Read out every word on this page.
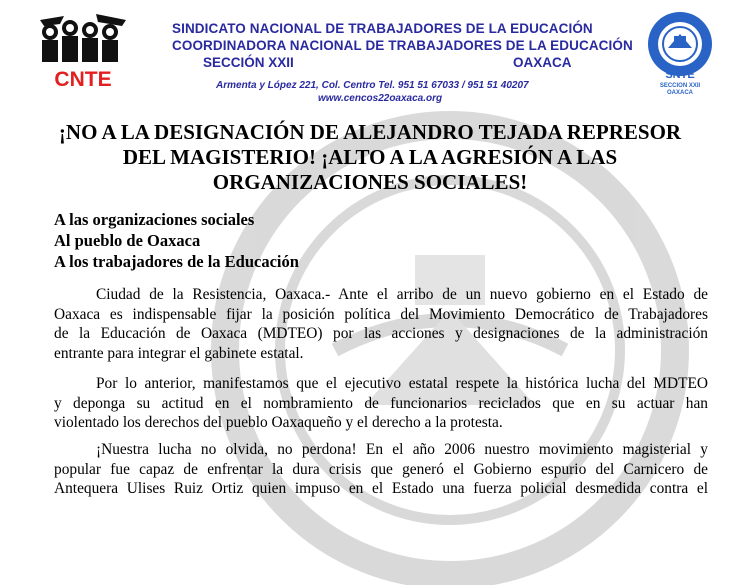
CNTE	SNTE
SECCION XXII
OAXACA
SINDICATO NACIONAL DE TRABAJADORES DE LA EDUCACIÓN
COORDINADORA NACIONAL DE TRABAJADORES DE LA EDUCACIÓN
SECCIÓN XXII	OAXACA
Armenta y López 221, Col. Centro Tel. 951 51 67033 / 951 51 40207
www.cencos22oaxaca.org
¡NO A LA DESIGNACIÓN DE ALEJANDRO TEJADA REPRESOR
DEL MAGISTERIO! ¡ALTO A LA AGRESIÓN A LAS
ORGANIZACIONES SOCIALES!
A las organizaciones sociales
Al pueblo de Oaxaca
A los trabajadores de la Educación
Ciudad de la Resistencia, Oaxaca.- Ante el arribo de un nuevo gobierno en el Estado de
Oaxaca es indispensable fijar la posición política del Movimiento Democrático de Trabajadores
de la Educación de Oaxaca (MDTEO) por las acciones y designaciones de la administración
entrante para integrar el gabinete estatal.
Por lo anterior, manifestamos que el ejecutivo estatal respete la histórica lucha del MDTEO
y deponga su actitud en el nombramiento de funcionarios reciclados que en su actuar han
violentado los derechos del pueblo Oaxaqueño y el derecho a la protesta.
¡Nuestra lucha no olvida, no perdona! En el año 2006 nuestro movimiento magisterial y
popular fue capaz de enfrentar la dura crisis que generó el Gobierno espurio del Carnicero de
Antequera Ulises Ruiz Ortiz quien impuso en el Estado una fuerza policial desmedida contra el
